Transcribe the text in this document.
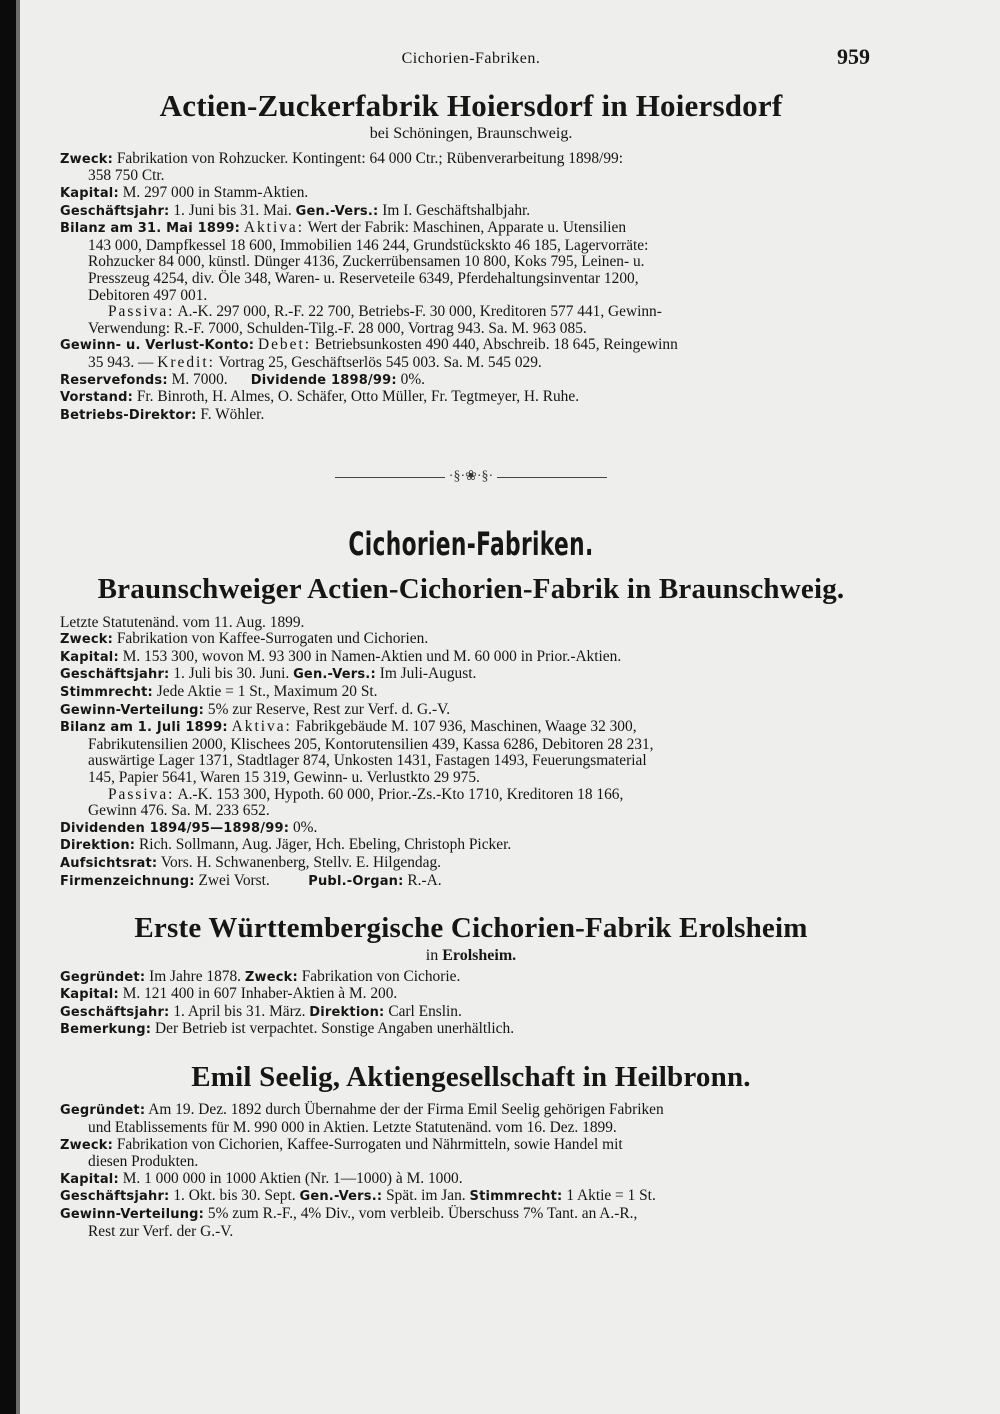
Cichorien-Fabriken.	959
Actien-Zuckerfabrik Hoiersdorf in Hoiersdorf
bei Schöningen, Braunschweig.
Zweck: Fabrikation von Rohzucker. Kontingent: 64 000 Ctr.; Rübenverarbeitung 1898/99:
358 750 Ctr.
Kapital: M. 297 000 in Stamm-Aktien.
Geschäftsjahr: 1. Juni bis 31. Mai. Gen.-Vers.: Im I. Geschäftshalbjahr.
Bilanz am 31. Mai 1899: Aktiva: Wert der Fabrik: Maschinen, Apparate u. Utensilien
143 000, Dampfkessel 18 600, Immobilien 146 244, Grundstückskto 46 185, Lagervorräte:
Rohzucker 84 000, künstl. Dünger 4136, Zuckerrübensamen 10 800, Koks 795, Leinen- u.
Presszeug 4254, div. Öle 348, Waren- u. Reserveteile 6349, Pferdehaltungsinventar 1200,
Debitoren 497 001.
Passiva: A.-K. 297 000, R.-F. 22 700, Betriebs-F. 30 000, Kreditoren 577 441, Gewinn-
Verwendung: R.-F. 7000, Schulden-Tilg.-F. 28 000, Vortrag 943. Sa. M. 963 085.
Gewinn- u. Verlust-Konto: Debet: Betriebsunkosten 490 440, Abschreib. 18 645, Reingewinn
35 943. — Kredit: Vortrag 25, Geschäftserlös 545 003. Sa. M. 545 029.
Reservefonds: M. 7000. Dividende 1898/99: 0%.
Vorstand: Fr. Binroth, H. Almes, O. Schäfer, Otto Müller, Fr. Tegtmeyer, H. Ruhe.
Betriebs-Direktor: F. Wöhler.
·§·❀·§·
Cichorien-Fabriken.
Braunschweiger Actien-Cichorien-Fabrik in Braunschweig.
Letzte Statutenänd. vom 11. Aug. 1899.
Zweck: Fabrikation von Kaffee-Surrogaten und Cichorien.
Kapital: M. 153 300, wovon M. 93 300 in Namen-Aktien und M. 60 000 in Prior.-Aktien.
Geschäftsjahr: 1. Juli bis 30. Juni. Gen.-Vers.: Im Juli-August.
Stimmrecht: Jede Aktie = 1 St., Maximum 20 St.
Gewinn-Verteilung: 5% zur Reserve, Rest zur Verf. d. G.-V.
Bilanz am 1. Juli 1899: Aktiva: Fabrikgebäude M. 107 936, Maschinen, Waage 32 300,
Fabrikutensilien 2000, Klischees 205, Kontorutensilien 439, Kassa 6286, Debitoren 28 231,
auswärtige Lager 1371, Stadtlager 874, Unkosten 1431, Fastagen 1493, Feuerungsmaterial
145, Papier 5641, Waren 15 319, Gewinn- u. Verlustkto 29 975.
Passiva: A.-K. 153 300, Hypoth. 60 000, Prior.-Zs.-Kto 1710, Kreditoren 18 166,
Gewinn 476. Sa. M. 233 652.
Dividenden 1894/95—1898/99: 0%.
Direktion: Rich. Sollmann, Aug. Jäger, Hch. Ebeling, Christoph Picker.
Aufsichtsrat: Vors. H. Schwanenberg, Stellv. E. Hilgendag.
Firmenzeichnung: Zwei Vorst.	Publ.-Organ: R.-A.
Erste Württembergische Cichorien-Fabrik Erolsheim
in Erolsheim.
Gegründet: Im Jahre 1878. Zweck: Fabrikation von Cichorie.
Kapital: M. 121 400 in 607 Inhaber-Aktien à M. 200.
Geschäftsjahr: 1. April bis 31. März. Direktion: Carl Enslin.
Bemerkung: Der Betrieb ist verpachtet. Sonstige Angaben unerhältlich.
Emil Seelig, Aktiengesellschaft in Heilbronn.
Gegründet: Am 19. Dez. 1892 durch Übernahme der der Firma Emil Seelig gehörigen Fabriken
und Etablissements für M. 990 000 in Aktien. Letzte Statutenänd. vom 16. Dez. 1899.
Zweck: Fabrikation von Cichorien, Kaffee-Surrogaten und Nährmitteln, sowie Handel mit
diesen Produkten.
Kapital: M. 1 000 000 in 1000 Aktien (Nr. 1—1000) à M. 1000.
Geschäftsjahr: 1. Okt. bis 30. Sept. Gen.-Vers.: Spät. im Jan. Stimmrecht: 1 Aktie = 1 St.
Gewinn-Verteilung: 5% zum R.-F., 4% Div., vom verbleib. Überschuss 7% Tant. an A.-R.,
Rest zur Verf. der G.-V.
